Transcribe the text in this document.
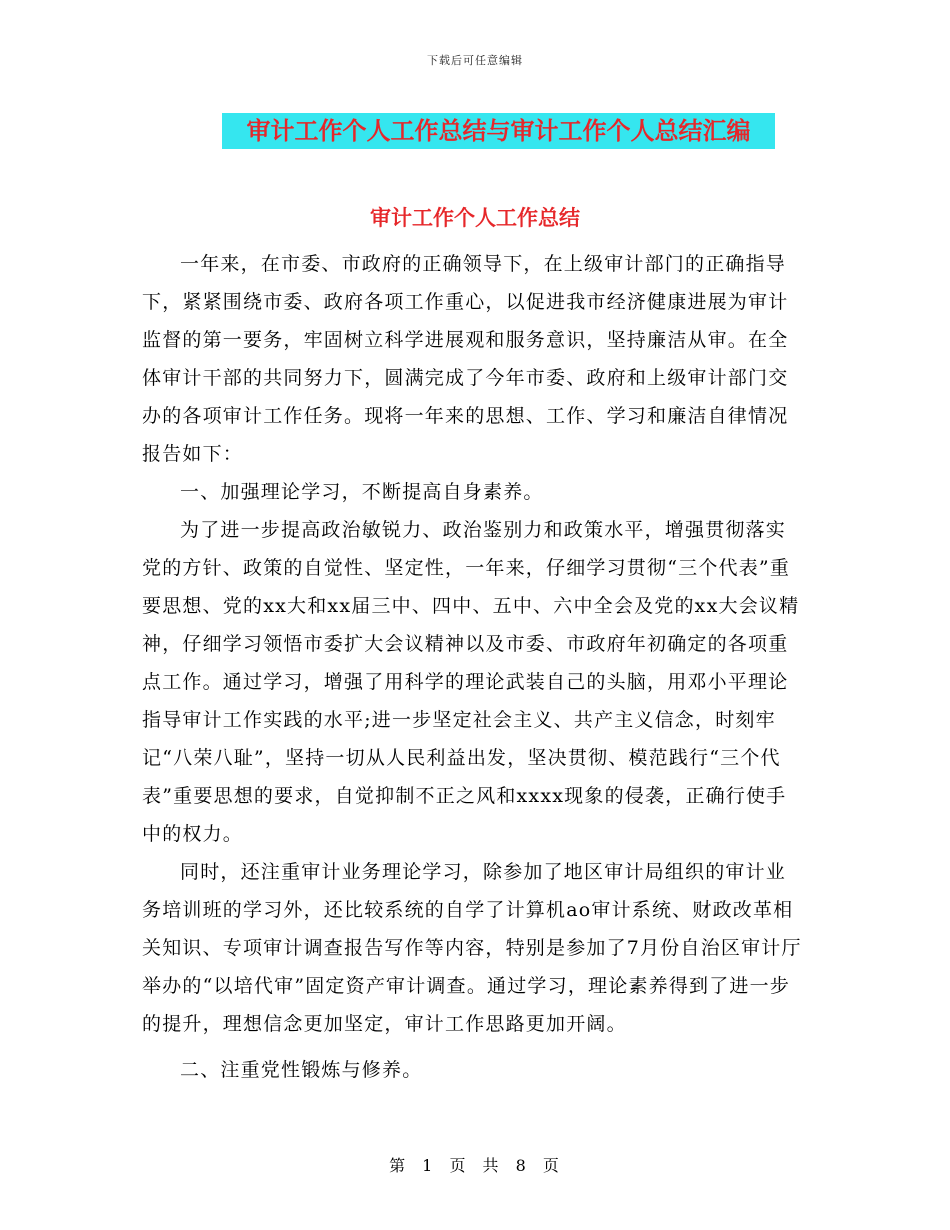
下载后可任意编辑
审计工作个人工作总结与审计工作个人总结汇编
审计工作个人工作总结

一年来，在市委、市政府的正确领导下，在上级审计部门的正确指导下，紧紧围绕市委、政府各项工作重心，以促进我市经济健康进展为审计监督的第一要务，牢固树立科学进展观和服务意识，坚持廉洁从审。在全体审计干部的共同努力下，圆满完成了今年市委、政府和上级审计部门交办的各项审计工作任务。现将一年来的思想、工作、学习和廉洁自律情况报告如下：

一、加强理论学习，不断提高自身素养。

为了进一步提高政治敏锐力、政治鉴别力和政策水平，增强贯彻落实党的方针、政策的自觉性、坚定性，一年来，仔细学习贯彻“三个代表”重要思想、党的xx大和xx届三中、四中、五中、六中全会及党的xx大会议精神，仔细学习领悟市委扩大会议精神以及市委、市政府年初确定的各项重点工作。通过学习，增强了用科学的理论武装自己的头脑，用邓小平理论指导审计工作实践的水平;进一步坚定社会主义、共产主义信念，时刻牢记“八荣八耻”，坚持一切从人民利益出发，坚决贯彻、模范践行“三个代表”重要思想的要求，自觉抑制不正之风和xxxx现象的侵袭，正确行使手中的权力。

同时，还注重审计业务理论学习，除参加了地区审计局组织的审计业务培训班的学习外，还比较系统的自学了计算机ao审计系统、财政改革相关知识、专项审计调查报告写作等内容，特别是参加了7月份自治区审计厅举办的“以培代审”固定资产审计调查。通过学习，理论素养得到了进一步的提升，理想信念更加坚定，审计工作思路更加开阔。

二、注重党性锻炼与修养。

第 1 页 共 8 页
